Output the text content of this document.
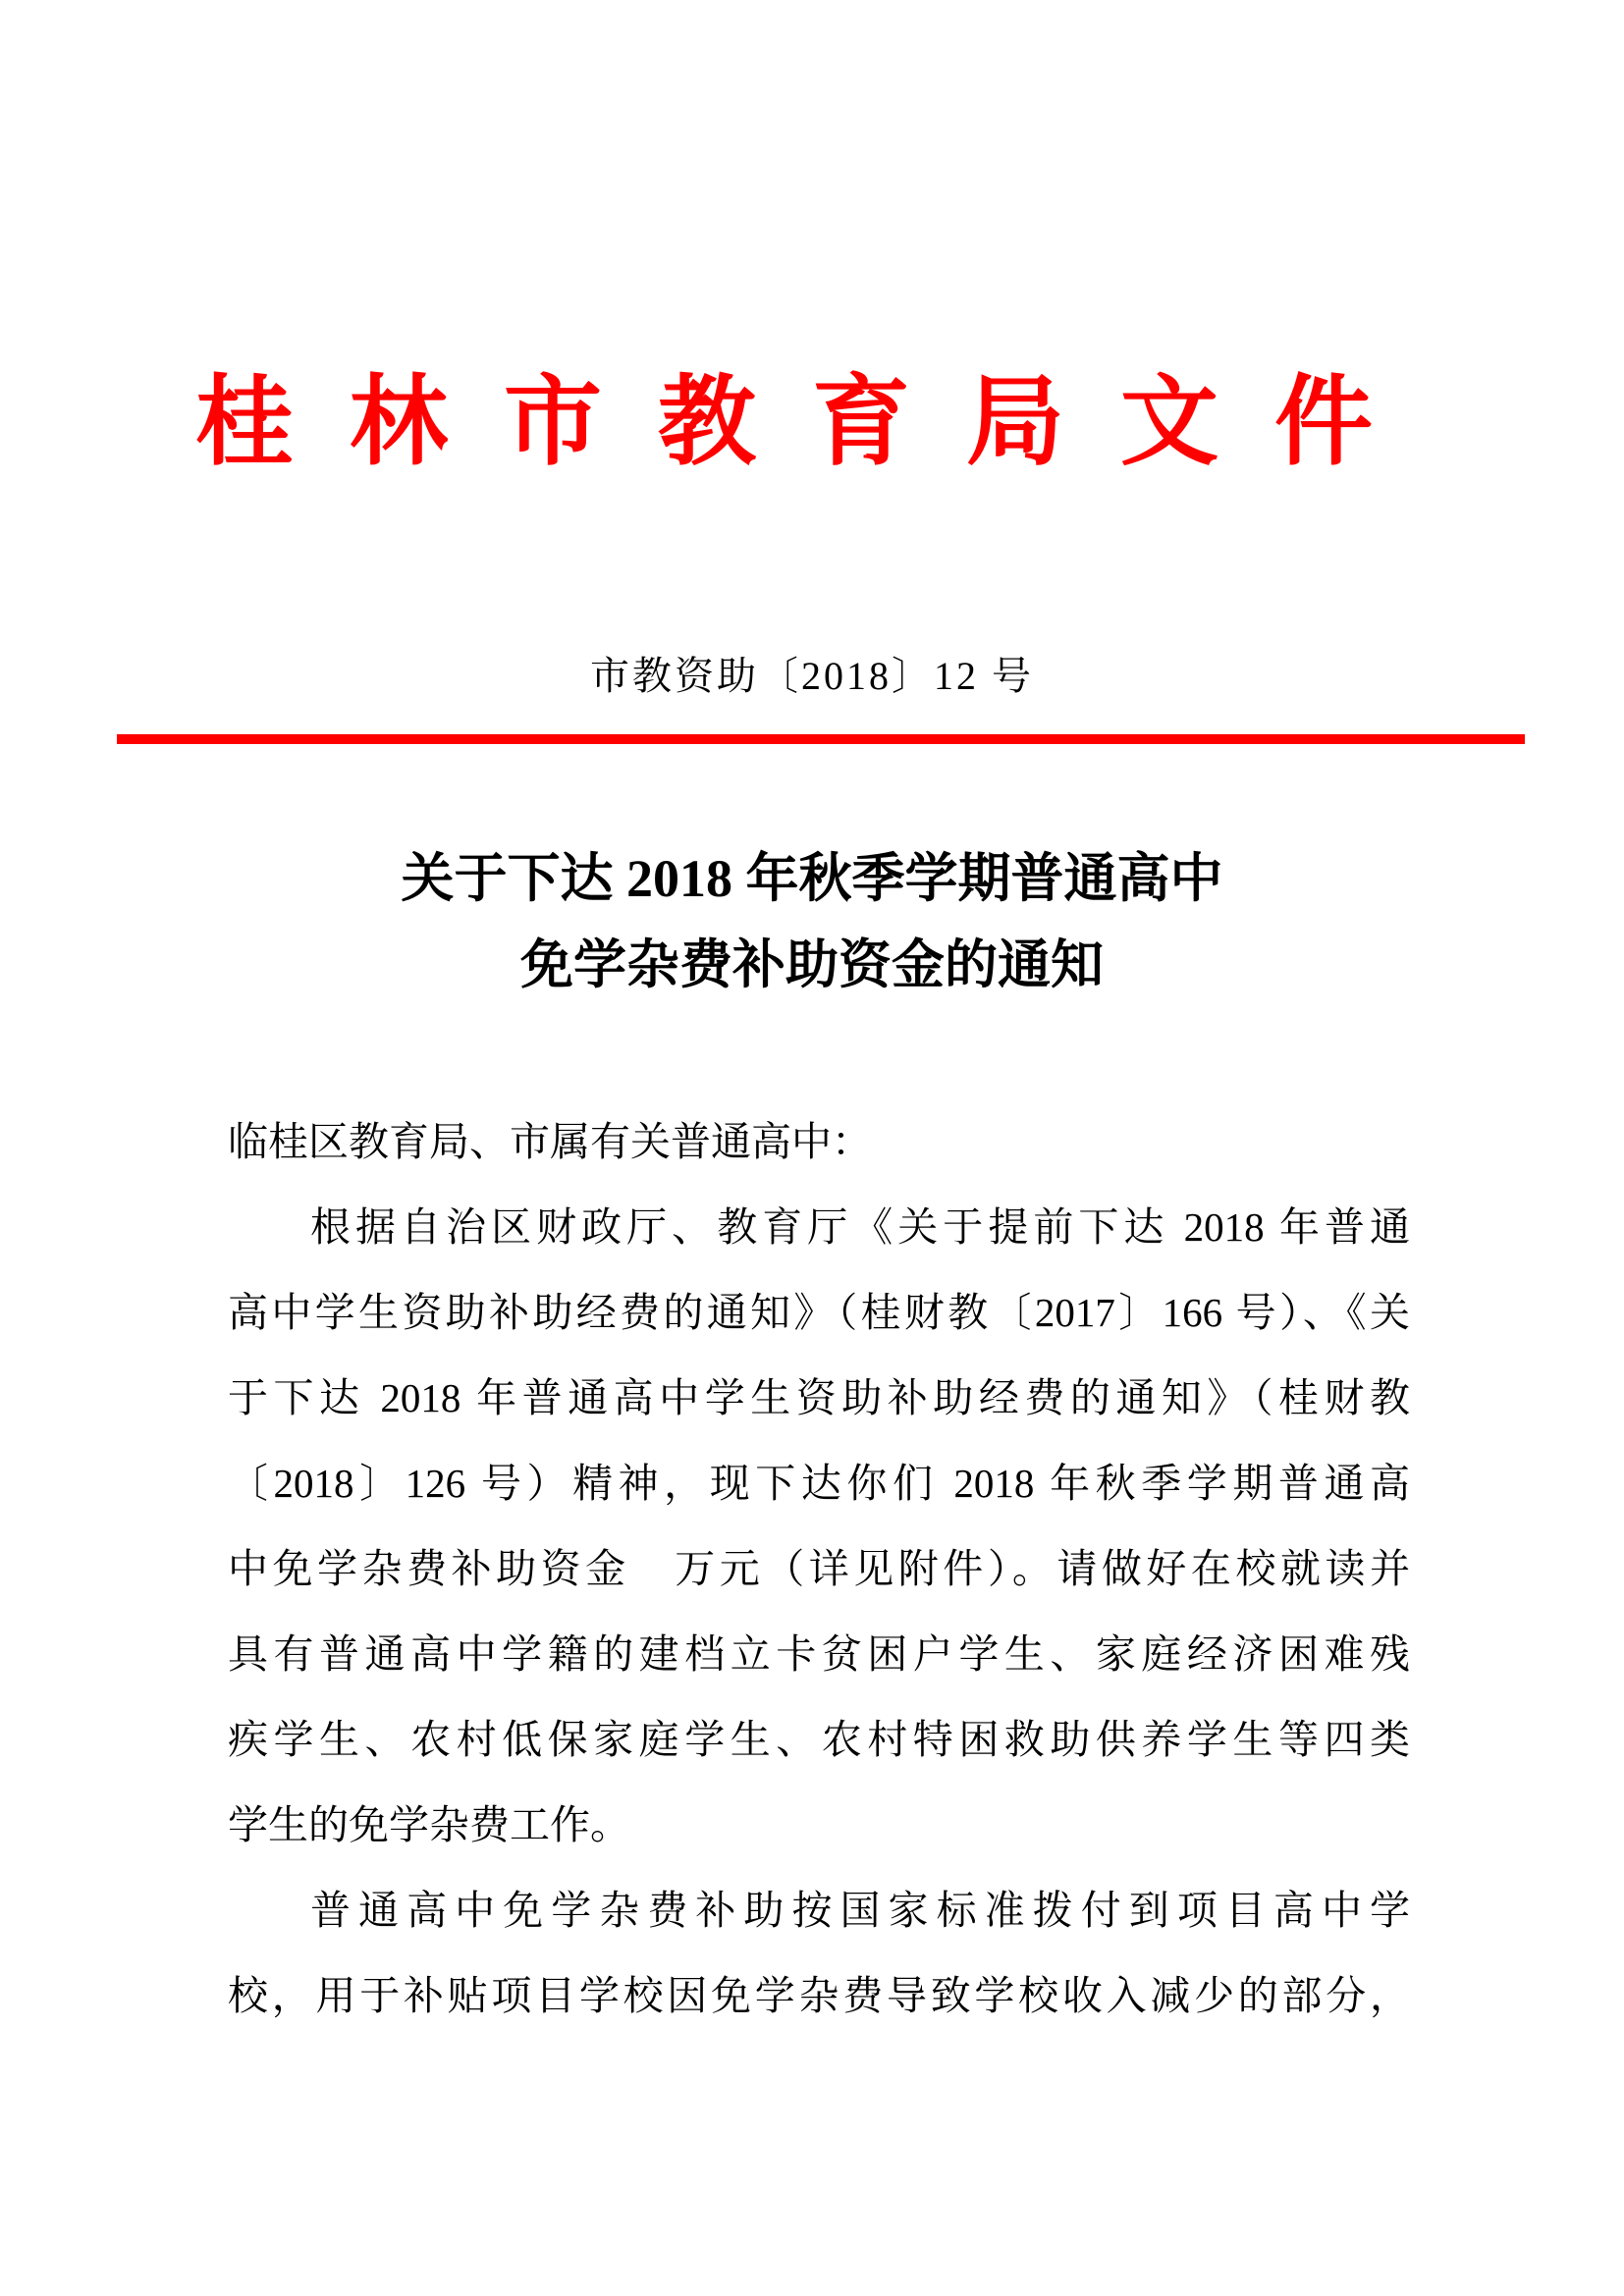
桂林市教育局文件
市教资助〔2018〕12 号
关于下达 2018 年秋季学期普通高中
免学杂费补助资金的通知
临桂区教育局、市属有关普通高中：
根据自治区财政厅、教育厅《关于提前下达 2018 年普通
高中学生资助补助经费的通知》（桂财教〔2017〕166 号）、《关
于下达 2018 年普通高中学生资助补助经费的通知》（桂财教
〔2018〕126 号）精神，现下达你们 2018 年秋季学期普通高
中免学杂费补助资金　万元（详见附件）。请做好在校就读并
具有普通高中学籍的建档立卡贫困户学生、家庭经济困难残
疾学生、农村低保家庭学生、农村特困救助供养学生等四类
学生的免学杂费工作。
普通高中免学杂费补助按国家标准拨付到项目高中学
校，用于补贴项目学校因免学杂费导致学校收入减少的部分，
